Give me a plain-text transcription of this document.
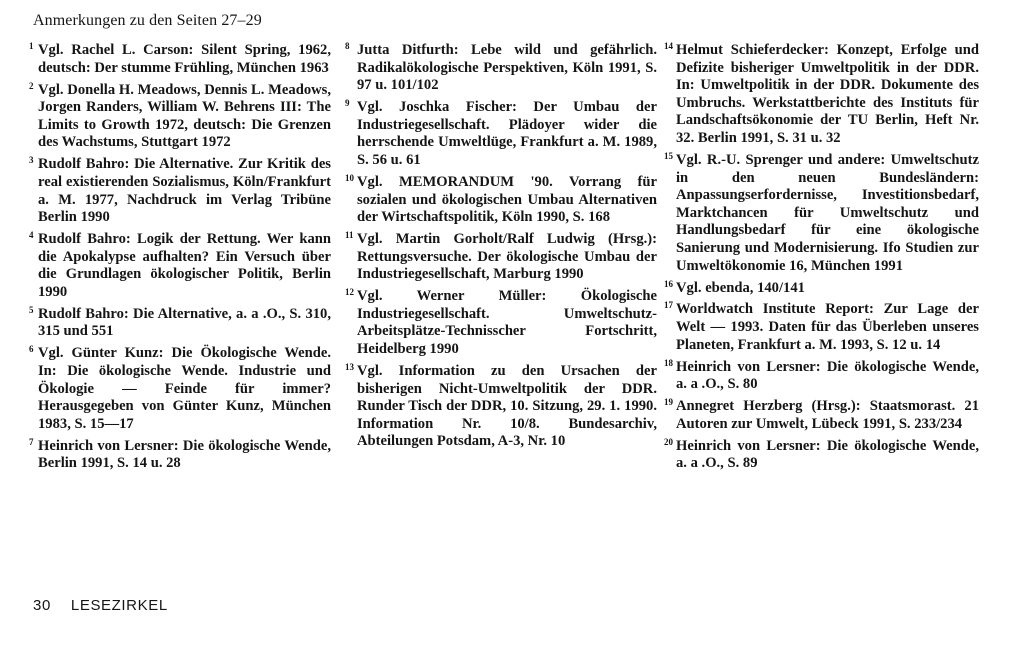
Anmerkungen zu den Seiten 27–29

1 Vgl. Rachel L. Carson: Silent Spring, 1962, deutsch: Der stumme Frühling, München 1963

2 Vgl. Donella H. Meadows, Dennis L. Meadows, Jorgen Randers, William W. Behrens III: The Limits to Growth 1972, deutsch: Die Grenzen des Wachstums, Stuttgart 1972

3 Rudolf Bahro: Die Alternative. Zur Kritik des real existierenden Sozialismus, Köln/Frankfurt a. M. 1977, Nachdruck im Verlag Tribüne Berlin 1990

4 Rudolf Bahro: Logik der Rettung. Wer kann die Apokalypse aufhalten? Ein Versuch über die Grundlagen ökologischer Politik, Berlin 1990

5 Rudolf Bahro: Die Alternative, a. a .O., S. 310, 315 und 551

6 Vgl. Günter Kunz: Die Ökologische Wende. In: Die ökologische Wende. Industrie und Ökologie — Feinde für immer? Herausgegeben von Günter Kunz, München 1983, S. 15—17

7 Heinrich von Lersner: Die ökologische Wende, Berlin 1991, S. 14 u. 28

8 Jutta Ditfurth: Lebe wild und gefährlich. Radikalökologische Perspektiven, Köln 1991, S. 97 u. 101/102

9 Vgl. Joschka Fischer: Der Umbau der Industriegesellschaft. Plädoyer wider die herrschende Umweltlüge, Frankfurt a. M. 1989, S. 56 u. 61

10 Vgl. MEMORANDUM '90. Vorrang für sozialen und ökologischen Umbau Alternativen der Wirtschaftspolitik, Köln 1990, S. 168

11 Vgl. Martin Gorholt/Ralf Ludwig (Hrsg.): Rettungsversuche. Der ökologische Umbau der Industriegesellschaft, Marburg 1990

12 Vgl. Werner Müller: Ökologische Industriegesellschaft. Umweltschutz-Arbeitsplätze-Technisscher Fortschritt, Heidelberg 1990

13 Vgl. Information zu den Ursachen der bisherigen Nicht-Umweltpolitik der DDR. Runder Tisch der DDR, 10. Sitzung, 29. 1. 1990. Information Nr. 10/8. Bundesarchiv, Abteilungen Potsdam, A-3, Nr. 10

14 Helmut Schieferdecker: Konzept, Erfolge und Defizite bisheriger Umweltpolitik in der DDR. In: Umweltpolitik in der DDR. Dokumente des Umbruchs. Werkstattberichte des Instituts für Landschaftsökonomie der TU Berlin, Heft Nr. 32. Berlin 1991, S. 31 u. 32

15 Vgl. R.-U. Sprenger und andere: Umweltschutz in den neuen Bundesländern: Anpassungserfordernisse, Investitionsbedarf, Marktchancen für Umweltschutz und Handlungsbedarf für eine ökologische Sanierung und Modernisierung. Ifo Studien zur Umweltökonomie 16, München 1991

16 Vgl. ebenda, 140/141

17 Worldwatch Institute Report: Zur Lage der Welt — 1993. Daten für das Überleben unseres Planeten, Frankfurt a. M. 1993, S. 12 u. 14

18 Heinrich von Lersner: Die ökologische Wende, a. a .O., S. 80

19 Annegret Herzberg (Hrsg.): Staatsmorast. 21 Autoren zur Umwelt, Lübeck 1991, S. 233/234

20 Heinrich von Lersner: Die ökologische Wende, a. a .O., S. 89

30 LESEZIRKEL
